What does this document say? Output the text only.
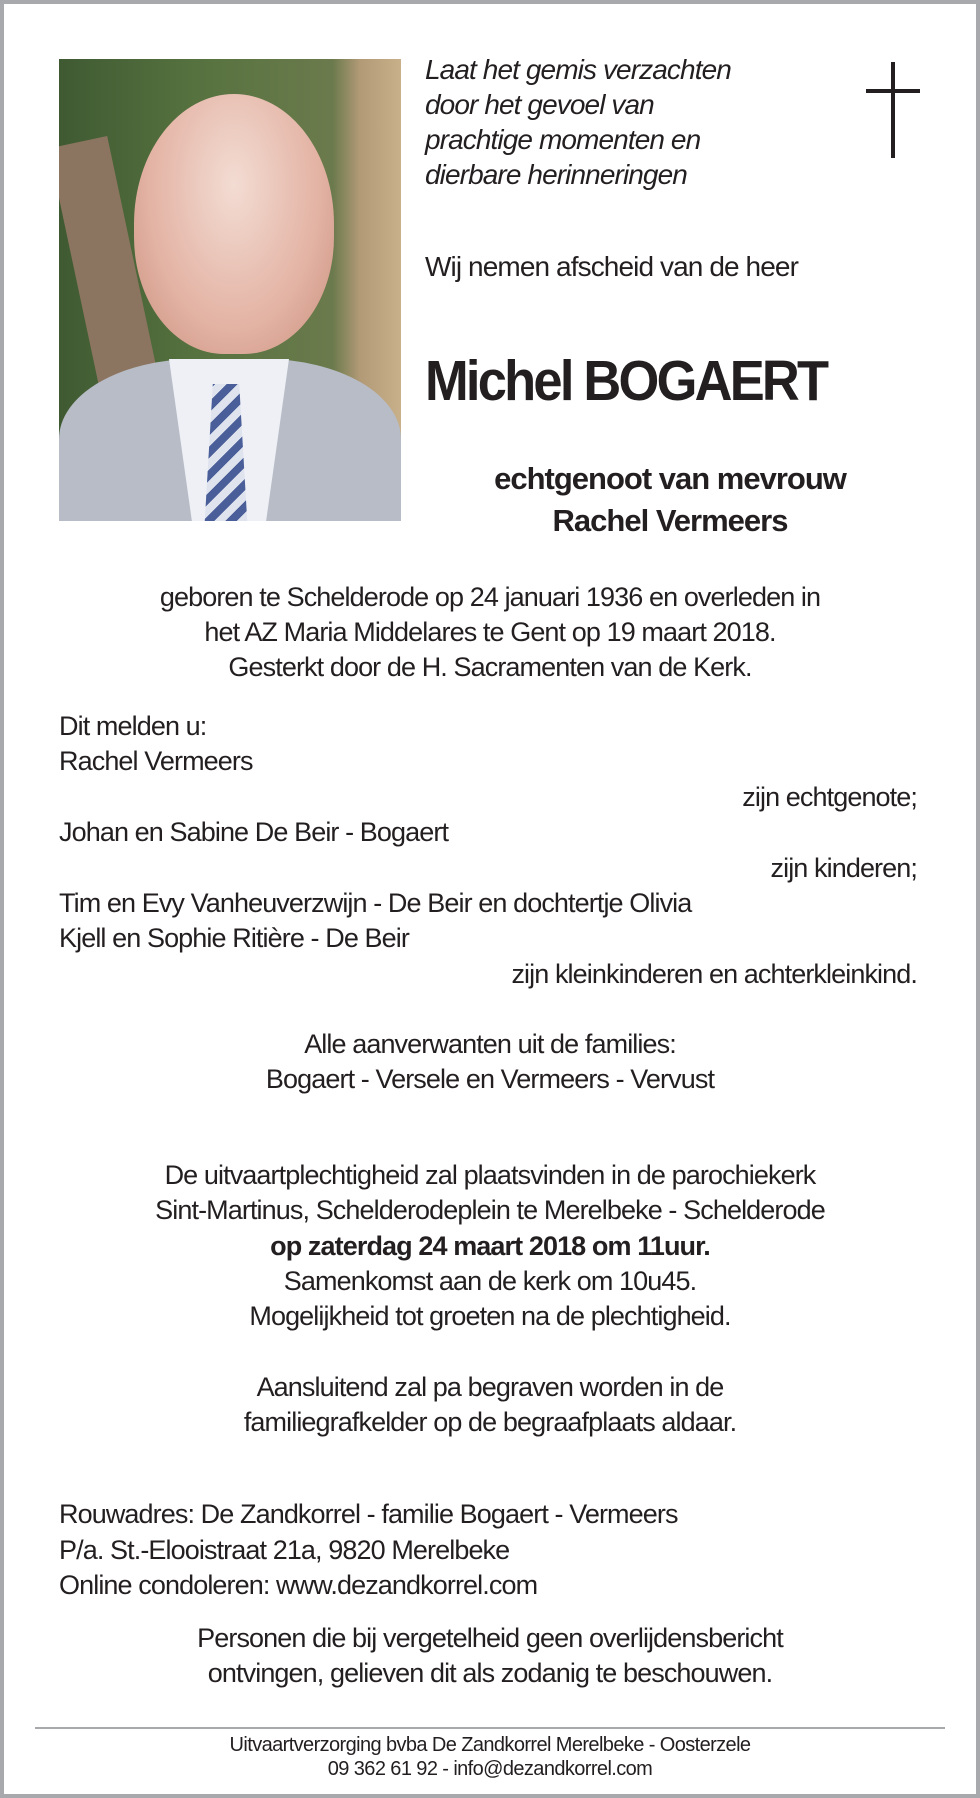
Laat het gemis verzachten
door het gevoel van
prachtige momenten en
dierbare herinneringen
Wij nemen afscheid van de heer
Michel BOGAERT
echtgenoot van mevrouw
Rachel Vermeers
geboren te Schelderode op 24 januari 1936 en overleden in
het AZ Maria Middelares te Gent op 19 maart 2018.
Gesterkt door de H. Sacramenten van de Kerk.
Dit melden u:
Rachel Vermeers
zijn echtgenote;
Johan en Sabine De Beir - Bogaert
zijn kinderen;
Tim en Evy Vanheuverzwijn - De Beir en dochtertje Olivia
Kjell en Sophie Ritière - De Beir
zijn kleinkinderen en achterkleinkind.
Alle aanverwanten uit de families:
Bogaert - Versele en Vermeers - Vervust
De uitvaartplechtigheid zal plaatsvinden in de parochiekerk
Sint-Martinus, Schelderodeplein te Merelbeke - Schelderode
op zaterdag 24 maart 2018 om 11uur.
Samenkomst aan de kerk om 10u45.
Mogelijkheid tot groeten na de plechtigheid.
Aansluitend zal pa begraven worden in de
familiegrafkelder op de begraafplaats aldaar.
Rouwadres: De Zandkorrel - familie Bogaert - Vermeers
P/a. St.-Elooistraat 21a, 9820 Merelbeke
Online condoleren: www.dezandkorrel.com
Personen die bij vergetelheid geen overlijdensbericht
ontvingen, gelieven dit als zodanig te beschouwen.
Uitvaartverzorging bvba De Zandkorrel Merelbeke - Oosterzele
09 362 61 92 - info@dezandkorrel.com
